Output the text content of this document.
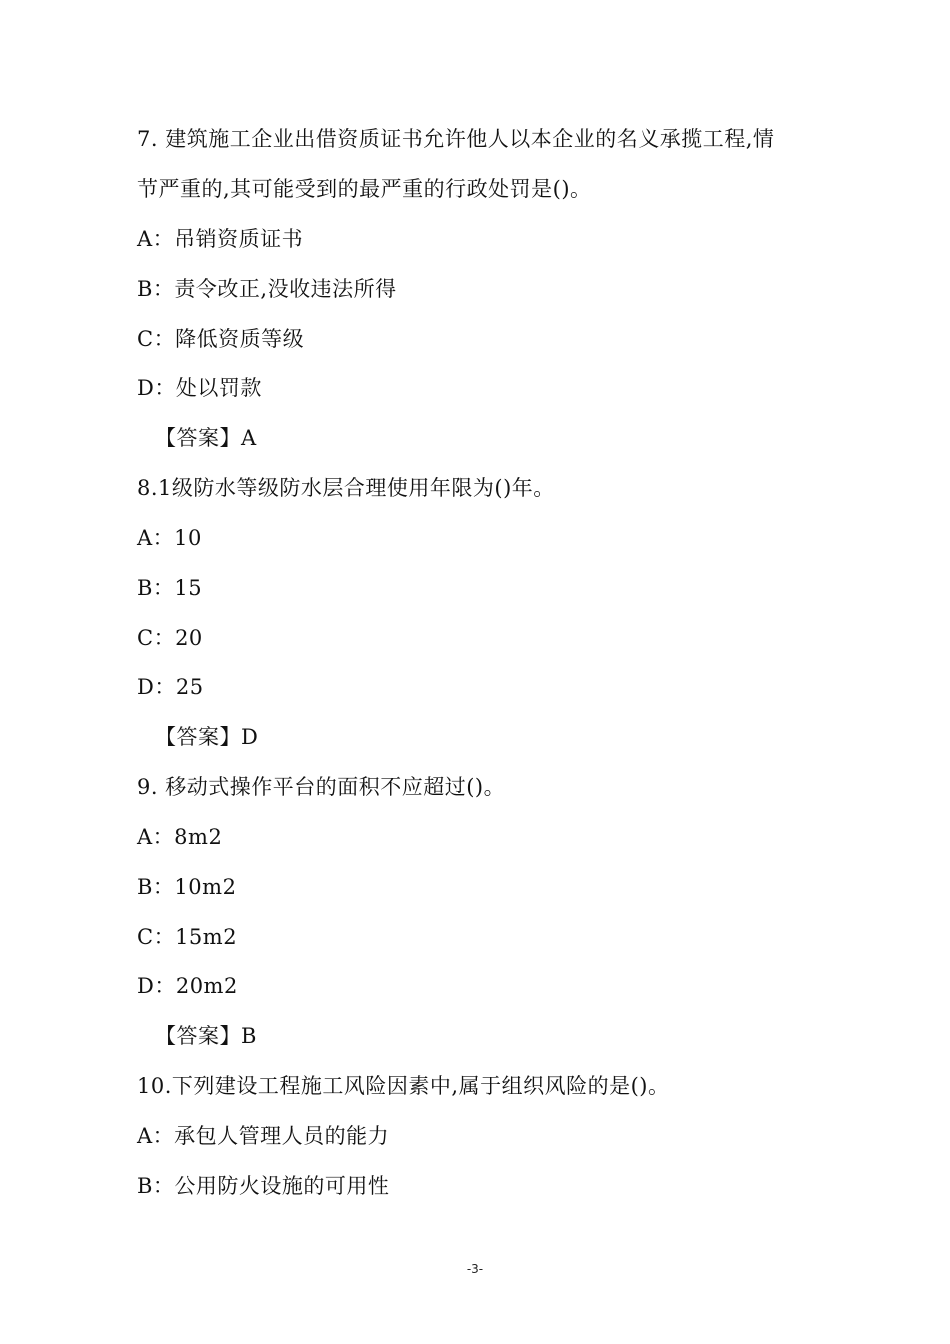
7. 建筑施工企业出借资质证书允许他人以本企业的名义承揽工程,情
节严重的,其可能受到的最严重的行政处罚是()。
A：吊销资质证书
B：责令改正,没收违法所得
C：降低资质等级
D：处以罚款
【答案】A
8.1级防水等级防水层合理使用年限为()年。
A：10
B：15
C：20
D：25
【答案】D
9. 移动式操作平台的面积不应超过()。
A：8m2
B：10m2
C：15m2
D：20m2
【答案】B
10.下列建设工程施工风险因素中,属于组织风险的是()。
A：承包人管理人员的能力
B：公用防火设施的可用性
-3-
